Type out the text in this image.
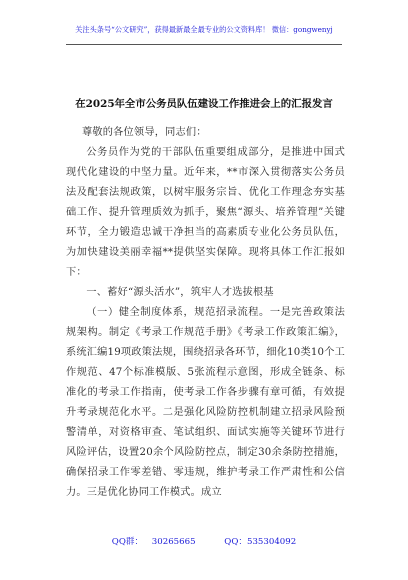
关注头条号“公文研究”，获得最新最全最专业的公文资料库！ 微信：gongwenyj
在2025年全市公务员队伍建设工作推进会上的汇报发言

尊敬的各位领导，同志们：

公务员作为党的干部队伍重要组成部分，是推进中国式现代化建设的中坚力量。近年来，**市深入贯彻落实公务员法及配套法规政策，以树牢服务宗旨、优化工作理念夯实基础工作、提升管理质效为抓手，聚焦“源头、培养管理”关键环节，全力锻造忠诚干净担当的高素质专业化公务员队伍，为加快建设美丽幸福**提供坚实保障。现将具体工作汇报如下：

一、蓄好“源头活水”，筑牢人才选拔根基

（一）健全制度体系，规范招录流程。一是完善政策法规架构。制定《考录工作规范手册》《考录工作政策汇编》，系统汇编19项政策法规，围绕招录各环节，细化10类10个工作规范、47个标准模版、5张流程示意图，形成全链条、标准化的考录工作指南，使考录工作各步骤有章可循，有效提升考录规范化水平。二是强化风险防控机制建立招录风险预警清单，对资格审查、笔试组织、面试实施等关键环节进行风险评估，设置20余个风险防控点，制定30余条防控措施，确保招录工作零差错、零违规，维护考录工作严肃性和公信力。三是优化协同工作模式。成立

QQ群： 30265665	QQ：535304092
